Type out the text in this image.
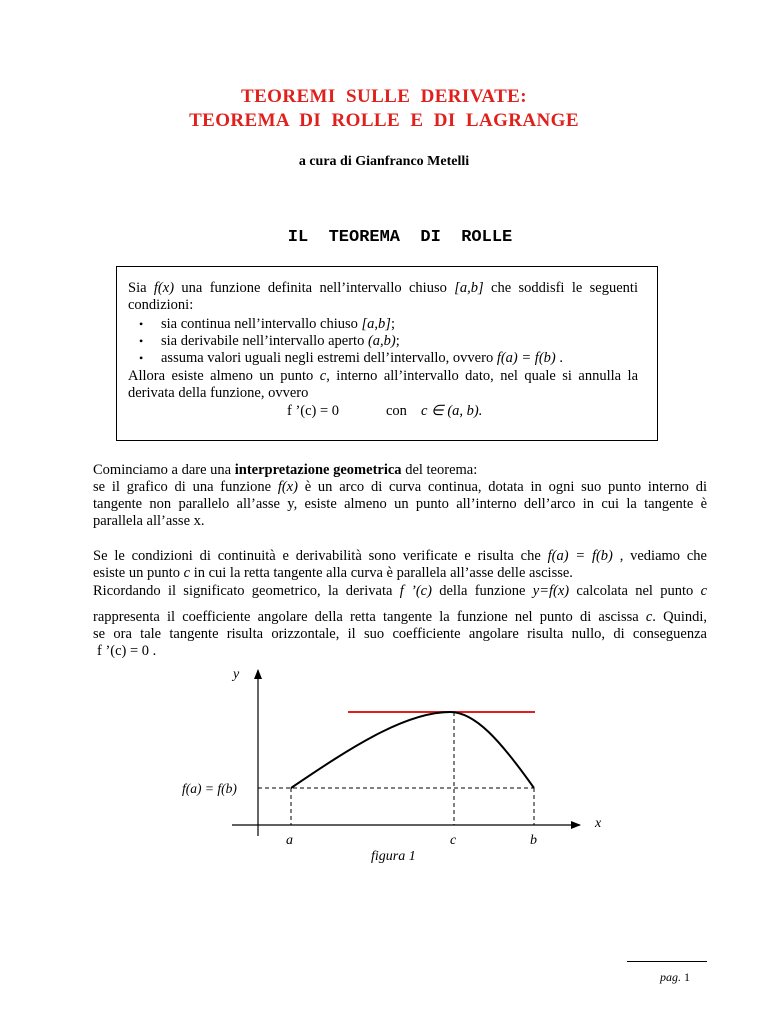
TEOREMI  SULLE  DERIVATE:
TEOREMA  DI  ROLLE  E  DI  LAGRANGE
a cura di Gianfranco Metelli
IL  TEOREMA  DI  ROLLE
Sia f(x) una funzione definita nell’intervallo chiuso [a,b] che soddisfi le seguenti
condizioni:
• sia continua nell’intervallo chiuso [a,b];
• sia derivabile nell’intervallo aperto (a,b);
• assuma valori uguali negli estremi dell’intervallo, ovvero f(a) = f(b) .
Allora esiste almeno un punto c, interno all’intervallo dato, nel quale si annulla la
derivata della funzione, ovvero
f ’(c) = 0	con c ∈ (a, b).
Cominciamo a dare una interpretazione geometrica del teorema:
se il grafico di una funzione f(x) è un arco di curva continua, dotata in ogni suo punto interno di
tangente non parallelo all’asse y, esiste almeno un punto all’interno dell’arco in cui la tangente è
parallela all’asse x.
Se le condizioni di continuità e derivabilità sono verificate e risulta che f(a) = f(b) , vediamo che
esiste un punto c in cui la retta tangente alla curva è parallela all’asse delle ascisse.
Ricordando il significato geometrico, la derivata f ’(c) della funzione y=f(x) calcolata nel punto c
rappresenta il coefficiente angolare della retta tangente la funzione nel punto di ascissa c. Quindi,
se ora tale tangente risulta orizzontale, il suo coefficiente angolare risulta nullo, di conseguenza
f ’(c) = 0 .
y
x
f(a) = f(b)
a	c	b
figura 1
pag. 1
